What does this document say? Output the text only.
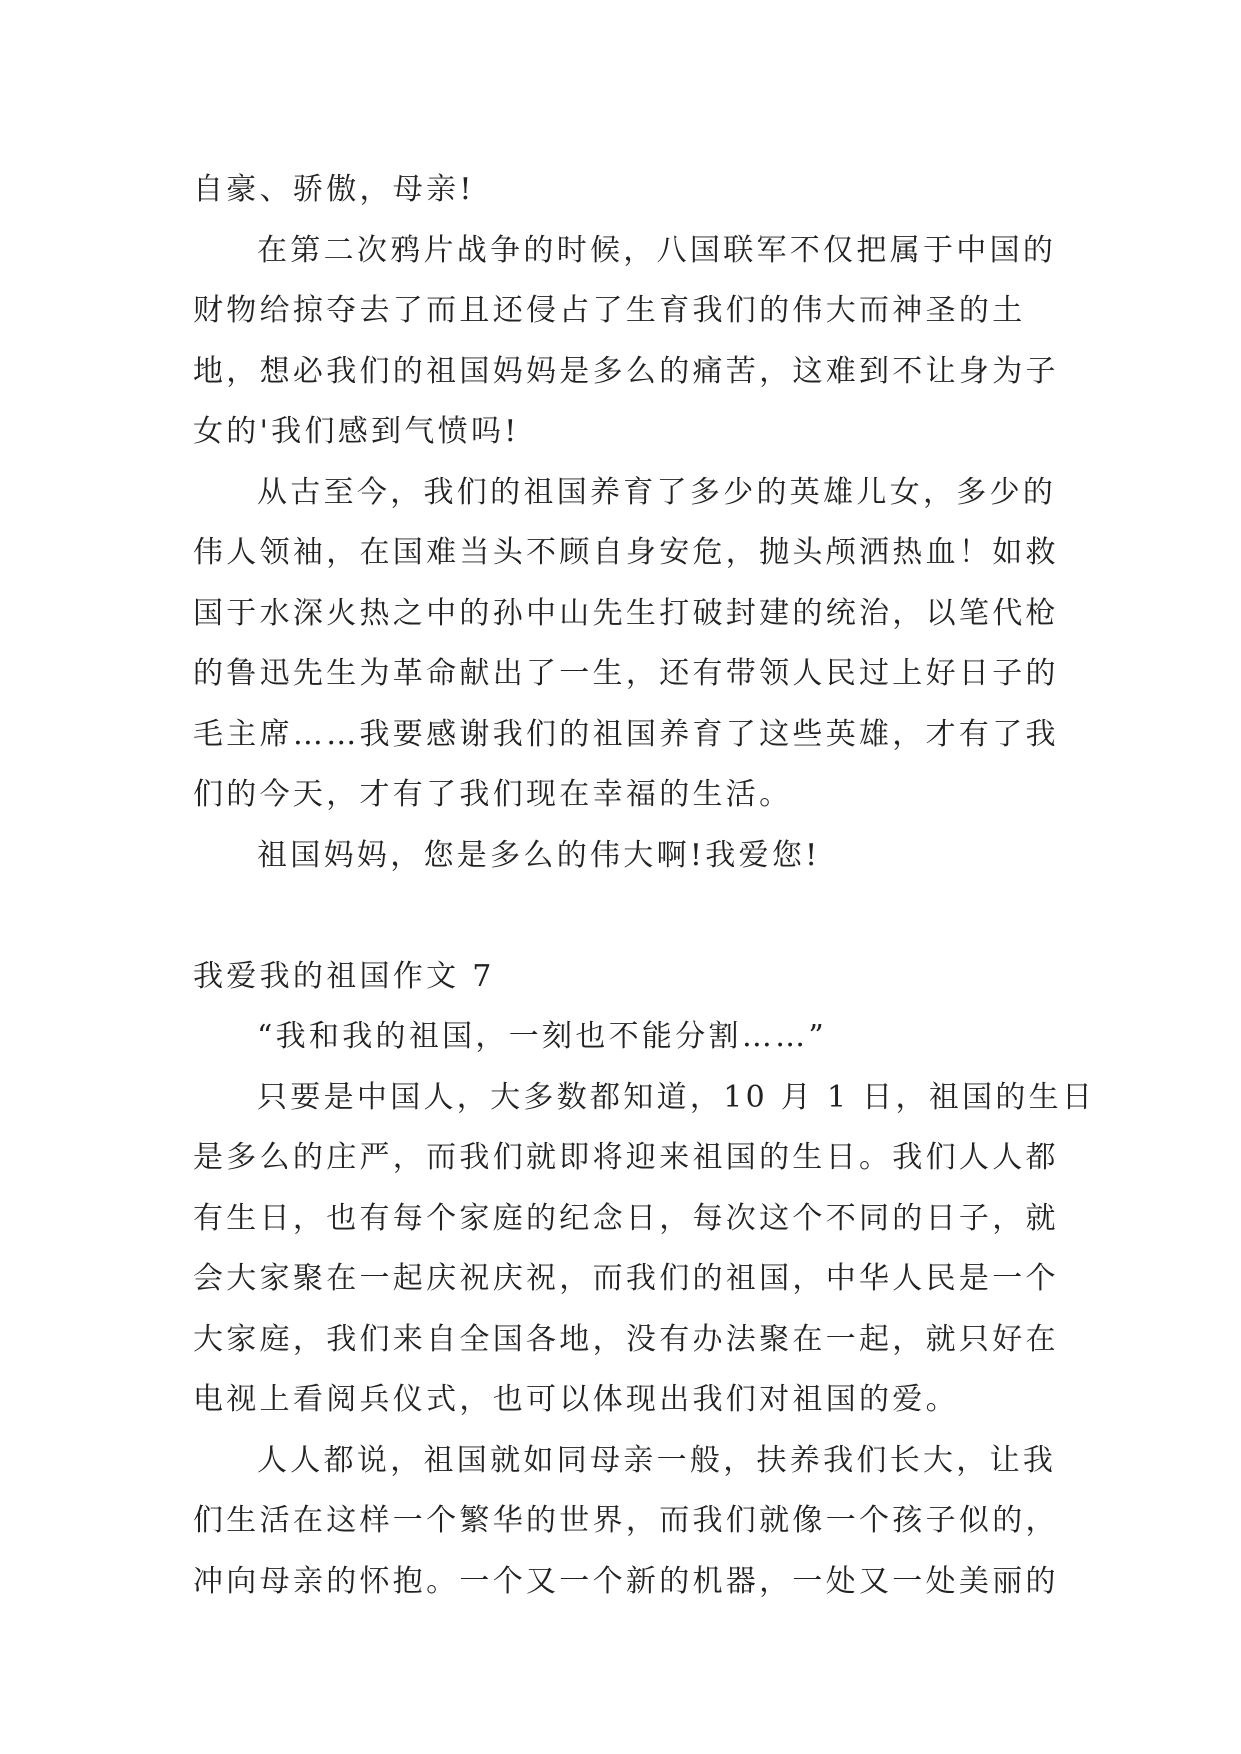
自豪、骄傲，母亲!
在第二次鸦片战争的时候，八国联军不仅把属于中国的
财物给掠夺去了而且还侵占了生育我们的伟大而神圣的土
地，想必我们的祖国妈妈是多么的痛苦，这难到不让身为子
女的'我们感到气愤吗!
从古至今，我们的祖国养育了多少的英雄儿女，多少的
伟人领袖，在国难当头不顾自身安危，抛头颅洒热血！如救
国于水深火热之中的孙中山先生打破封建的统治，以笔代枪
的鲁迅先生为革命献出了一生，还有带领人民过上好日子的
毛主席……我要感谢我们的祖国养育了这些英雄，才有了我
们的今天，才有了我们现在幸福的生活。
祖国妈妈，您是多么的伟大啊!我爱您!
我爱我的祖国作文 7
“我和我的祖国，一刻也不能分割……”
只要是中国人，大多数都知道，10 月 1 日，祖国的生日
是多么的庄严，而我们就即将迎来祖国的生日。我们人人都
有生日，也有每个家庭的纪念日，每次这个不同的日子，就
会大家聚在一起庆祝庆祝，而我们的祖国，中华人民是一个
大家庭，我们来自全国各地，没有办法聚在一起，就只好在
电视上看阅兵仪式，也可以体现出我们对祖国的爱。
人人都说，祖国就如同母亲一般，扶养我们长大，让我
们生活在这样一个繁华的世界，而我们就像一个孩子似的，
冲向母亲的怀抱。一个又一个新的机器，一处又一处美丽的
